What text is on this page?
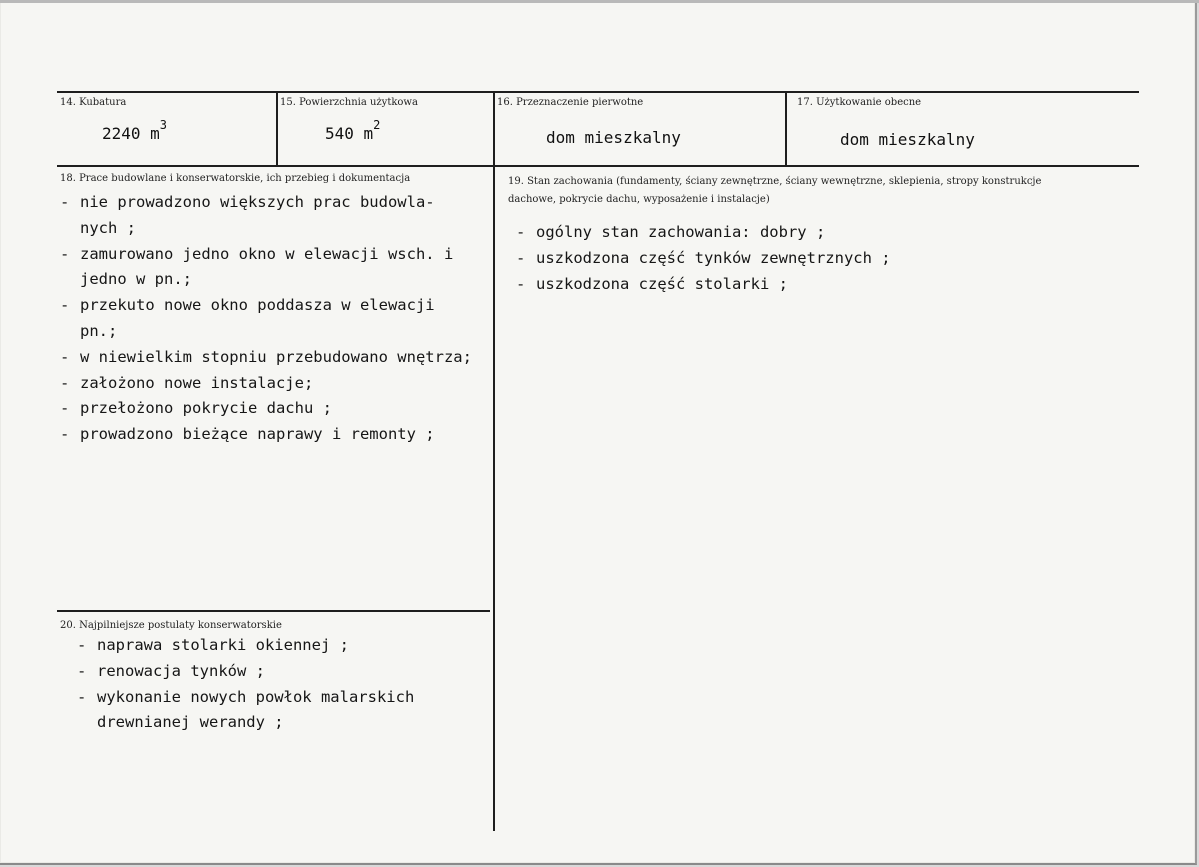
14. Kubatura
2240 $m^3$
15. Powierzchnia użytkowa
540 $m^2$
16. Przeznaczenie pierwotne
dom mieszkalny
17. Użytkowanie obecne
dom mieszkalny
18. Prace budowlane i konserwatorskie, ich przebieg i dokumentacja
- nie prowadzono większych prac budowla-
nych ;
- zamurowano jedno okno w elewacji wsch. i
jedno w pn.;
- przekuto nowe okno poddasza w elewacji
pn.;
- w niewielkim stopniu przebudowano wnętrza;
- założono nowe instalacje;
- przełożono pokrycie dachu ;
- prowadzono bieżące naprawy i remonty ;
19. Stan zachowania (fundamenty, ściany zewnętrzne, ściany wewnętrzne, sklepienia, stropy konstrukcje dachowe, pokrycie dachu, wyposażenie i instalacje)
- ogólny stan zachowania: dobry ;
- uszkodzona część tynków zewnętrznych ;
- uszkodzona część stolarki ;
20. Najpilniejsze postulaty konserwatorskie
- naprawa stolarki okiennej ;
- renowacja tynków ;
- wykonanie nowych powłok malarskich
drewnianej werandy ;
